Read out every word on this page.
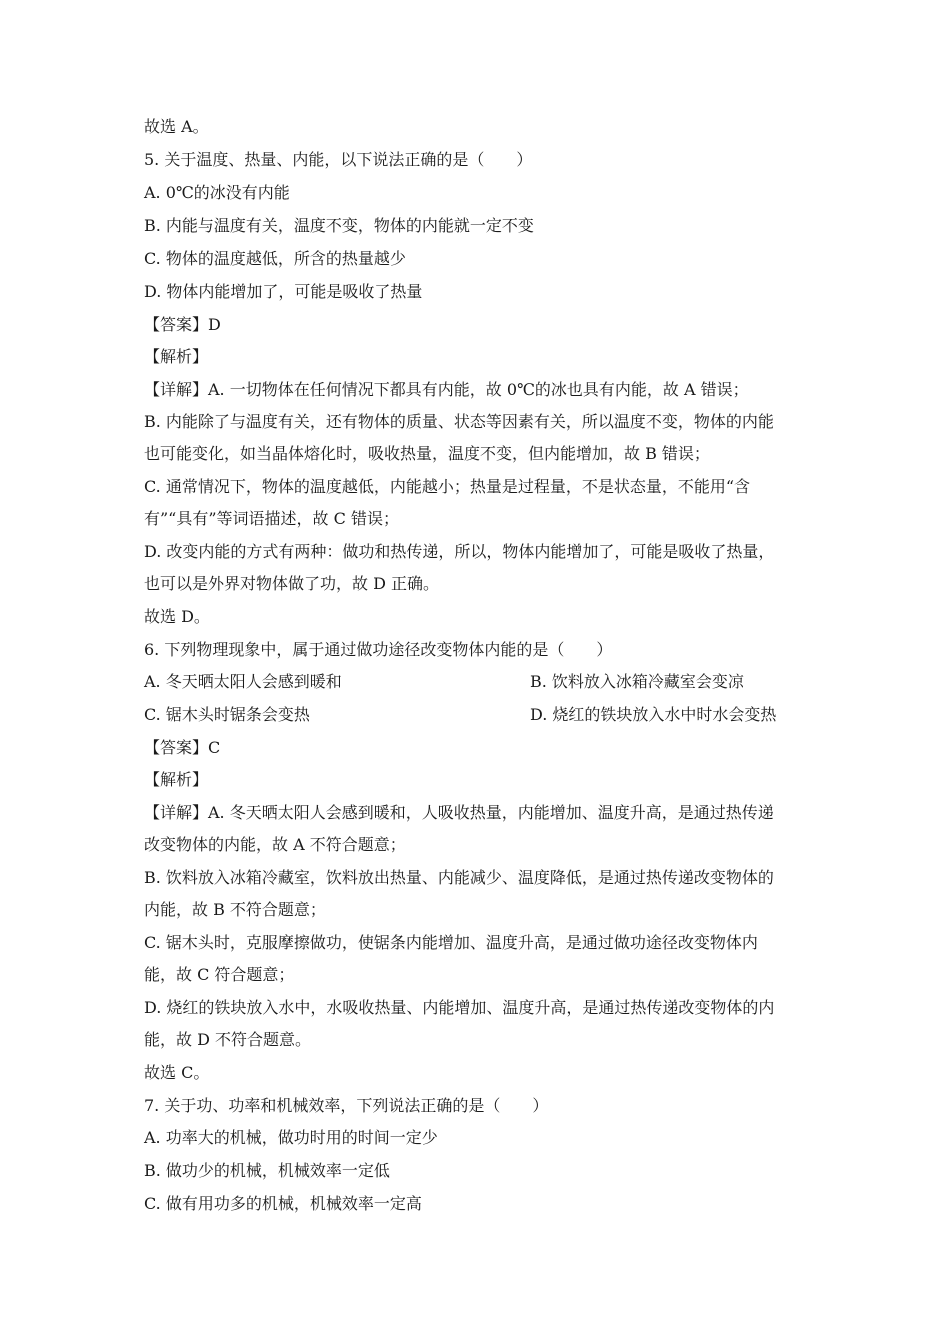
故选 A。
5. 关于温度、热量、内能，以下说法正确的是（　　）
A. 0℃的冰没有内能
B. 内能与温度有关，温度不变，物体的内能就一定不变
C. 物体的温度越低，所含的热量越少
D. 物体内能增加了，可能是吸收了热量
【答案】D
【解析】
【详解】A. 一切物体在任何情况下都具有内能，故 0℃的冰也具有内能，故 A 错误；
B. 内能除了与温度有关，还有物体的质量、状态等因素有关，所以温度不变，物体的内能
也可能变化，如当晶体熔化时，吸收热量，温度不变，但内能增加，故 B 错误；
C. 通常情况下，物体的温度越低，内能越小；热量是过程量，不是状态量，不能用“含
有”“具有”等词语描述，故 C 错误；
D. 改变内能的方式有两种：做功和热传递，所以，物体内能增加了，可能是吸收了热量，
也可以是外界对物体做了功，故 D 正确。
故选 D。
6. 下列物理现象中，属于通过做功途径改变物体内能的是（　　）
A. 冬天晒太阳人会感到暖和	B. 饮料放入冰箱冷藏室会变凉
C. 锯木头时锯条会变热	D. 烧红的铁块放入水中时水会变热
【答案】C
【解析】
【详解】A. 冬天晒太阳人会感到暖和，人吸收热量，内能增加、温度升高，是通过热传递
改变物体的内能，故 A 不符合题意；
B. 饮料放入冰箱冷藏室，饮料放出热量、内能减少、温度降低，是通过热传递改变物体的
内能，故 B 不符合题意；
C. 锯木头时，克服摩擦做功，使锯条内能增加、温度升高，是通过做功途径改变物体内
能，故 C 符合题意；
D. 烧红的铁块放入水中，水吸收热量、内能增加、温度升高，是通过热传递改变物体的内
能，故 D 不符合题意。
故选 C。
7. 关于功、功率和机械效率，下列说法正确的是（　　）
A. 功率大的机械，做功时用的时间一定少
B. 做功少的机械，机械效率一定低
C. 做有用功多的机械，机械效率一定高
